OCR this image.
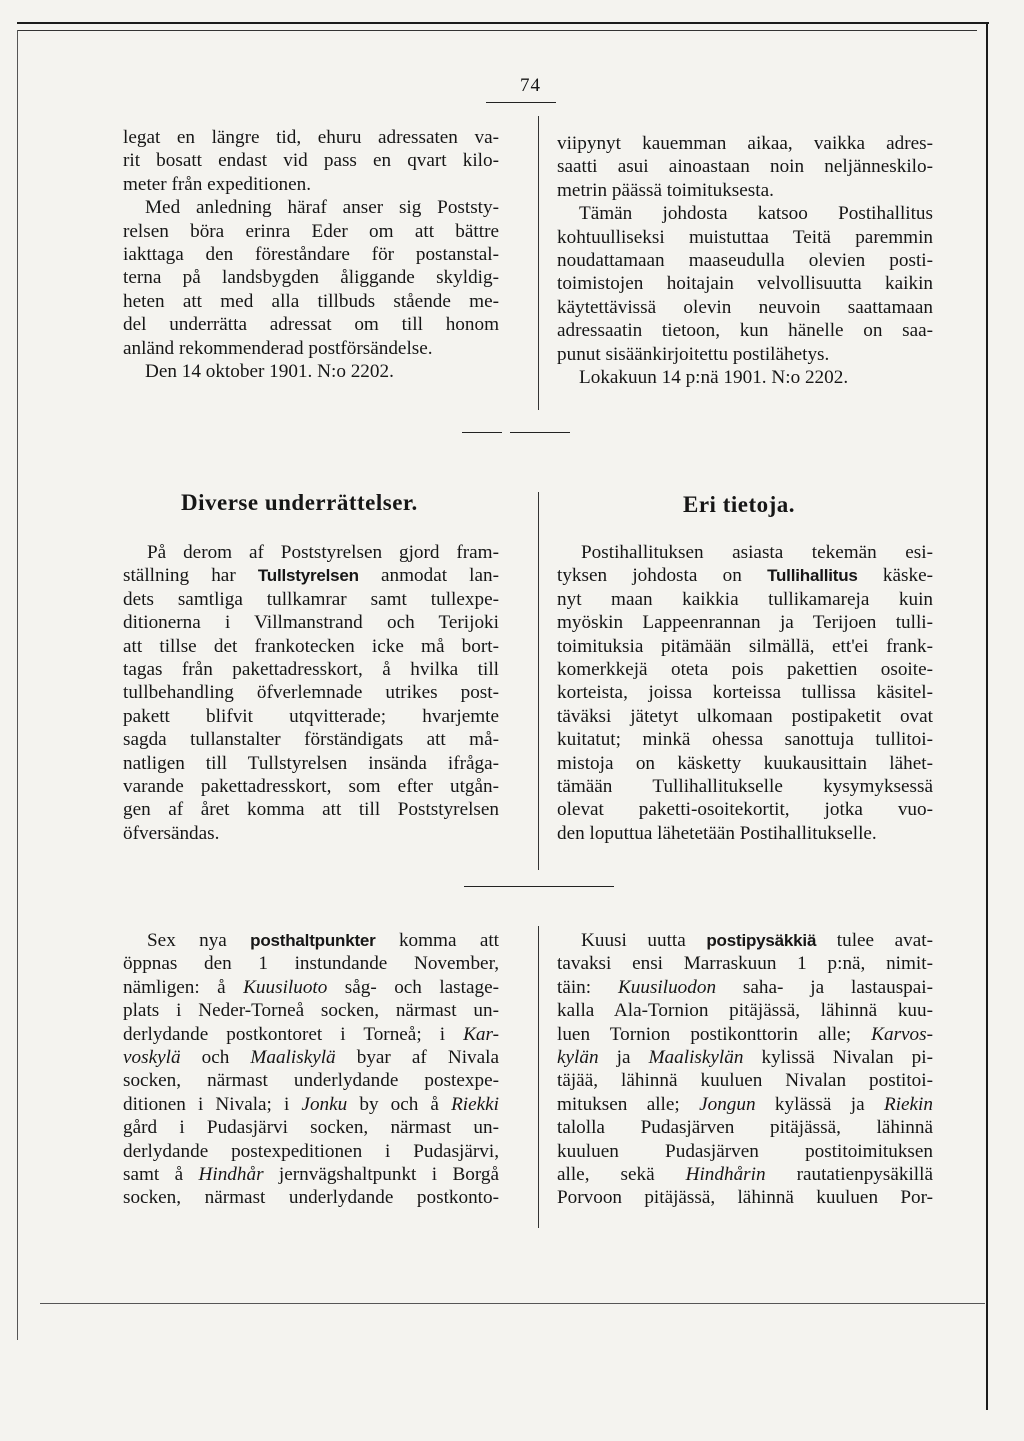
74
legat en längre tid, ehuru adressaten va-
rit bosatt endast vid pass en qvart kilo-
meter från expeditionen.
Med anledning häraf anser sig Poststy-
relsen böra erinra Eder om att bättre
iakttaga den föreståndare för postanstal-
terna på landsbygden åliggande skyldig-
heten att med alla tillbuds stående me-
del underrätta adressat om till honom
anländ rekommenderad postförsändelse.
Den 14 oktober 1901. N:o 2202.
viipynyt kauemman aikaa, vaikka adres-
saatti asui ainoastaan noin neljänneskilo-
metrin päässä toimituksesta.
Tämän johdosta katsoo Postihallitus
kohtuulliseksi muistuttaa Teitä paremmin
noudattamaan maaseudulla olevien posti-
toimistojen hoitajain velvollisuutta kaikin
käytettävissä olevin neuvoin saattamaan
adressaatin tietoon, kun hänelle on saa-
punut sisäänkirjoitettu postilähetys.
Lokakuun 14 p:nä 1901. N:o 2202.
Diverse underrättelser.	Eri tietoja.
På derom af Poststyrelsen gjord fram-
ställning har Tullstyrelsen anmodat lan-
dets samtliga tullkamrar samt tullexpe-
ditionerna i Villmanstrand och Terijoki
att tillse det frankotecken icke må bort-
tagas från pakettadresskort, å hvilka till
tullbehandling öfverlemnade utrikes post-
pakett blifvit utqvitterade; hvarjemte
sagda tullanstalter förständigats att må-
natligen till Tullstyrelsen insända ifråga-
varande pakettadresskort, som efter utgån-
gen af året komma att till Poststyrelsen
öfversändas.
Postihallituksen asiasta tekemän esi-
tyksen johdosta on Tullihallitus käske-
nyt maan kaikkia tullikamareja kuin
myöskin Lappeenrannan ja Terijoen tulli-
toimituksia pitämään silmällä, ett'ei frank-
komerkkejä oteta pois pakettien osoite-
korteista, joissa korteissa tullissa käsitel-
täväksi jätetyt ulkomaan postipaketit ovat
kuitatut; minkä ohessa sanottuja tullitoi-
mistoja on käsketty kuukausittain lähet-
tämään Tullihallitukselle kysymyksessä
olevat paketti-osoitekortit, jotka vuo-
den loputtua lähetetään Postihallitukselle.
Sex nya posthaltpunkter komma att
öppnas den 1 instundande November,
nämligen: å Kuusiluoto såg- och lastage-
plats i Neder-Torneå socken, närmast un-
derlydande postkontoret i Torneå; i Kar-
voskylä och Maaliskylä byar af Nivala
socken, närmast underlydande postexpe-
ditionen i Nivala; i Jonku by och å Riekki
gård i Pudasjärvi socken, närmast un-
derlydande postexpeditionen i Pudasjärvi,
samt å Hindhår jernvägshaltpunkt i Borgå
socken, närmast underlydande postkonto-
Kuusi uutta postipysäkkiä tulee avat-
tavaksi ensi Marraskuun 1 p:nä, nimit-
täin: Kuusiluodon saha- ja lastauspai-
kalla Ala-Tornion pitäjässä, lähinnä kuu-
luen Tornion postikonttorin alle; Karvos-
kylän ja Maaliskylän kylissä Nivalan pi-
täjää, lähinnä kuuluen Nivalan postitoi-
mituksen alle; Jongun kylässä ja Riekin
talolla Pudasjärven pitäjässä, lähinnä
kuuluen Pudasjärven postitoimituksen
alle, sekä Hindhårin rautatienpysäkillä
Porvoon pitäjässä, lähinnä kuuluen Por-
